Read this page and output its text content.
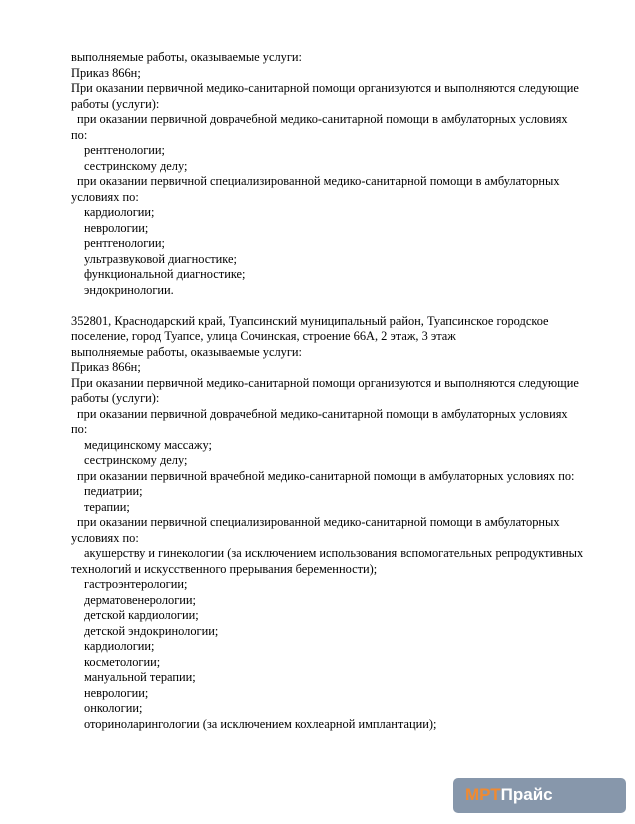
выполняемые работы, оказываемые услуги:
Приказ 866н;
При оказании первичной медико-санитарной помощи организуются и выполняются следующие
работы (услуги):
при оказании первичной доврачебной медико-санитарной помощи в амбулаторных условиях
по:
рентгенологии;
сестринскому делу;
при оказании первичной специализированной медико-санитарной помощи в амбулаторных
условиях по:
кардиологии;
неврологии;
рентгенологии;
ультразвуковой диагностике;
функциональной диагностике;
эндокринологии.
352801, Краснодарский край, Туапсинский муниципальный район, Туапсинское городское
поселение, город Туапсе, улица Сочинская, строение 66А, 2 этаж, 3 этаж
выполняемые работы, оказываемые услуги:
Приказ 866н;
При оказании первичной медико-санитарной помощи организуются и выполняются следующие
работы (услуги):
при оказании первичной доврачебной медико-санитарной помощи в амбулаторных условиях
по:
медицинскому массажу;
сестринскому делу;
при оказании первичной врачебной медико-санитарной помощи в амбулаторных условиях по:
педиатрии;
терапии;
при оказании первичной специализированной медико-санитарной помощи в амбулаторных
условиях по:
акушерству и гинекологии (за исключением использования вспомогательных репродуктивных
технологий и искусственного прерывания беременности);
гастроэнтерологии;
дерматовенерологии;
детской кардиологии;
детской эндокринологии;
кардиологии;
косметологии;
мануальной терапии;
неврологии;
онкологии;
оториноларингологии (за исключением кохлеарной имплантации);
МРТПрайс
